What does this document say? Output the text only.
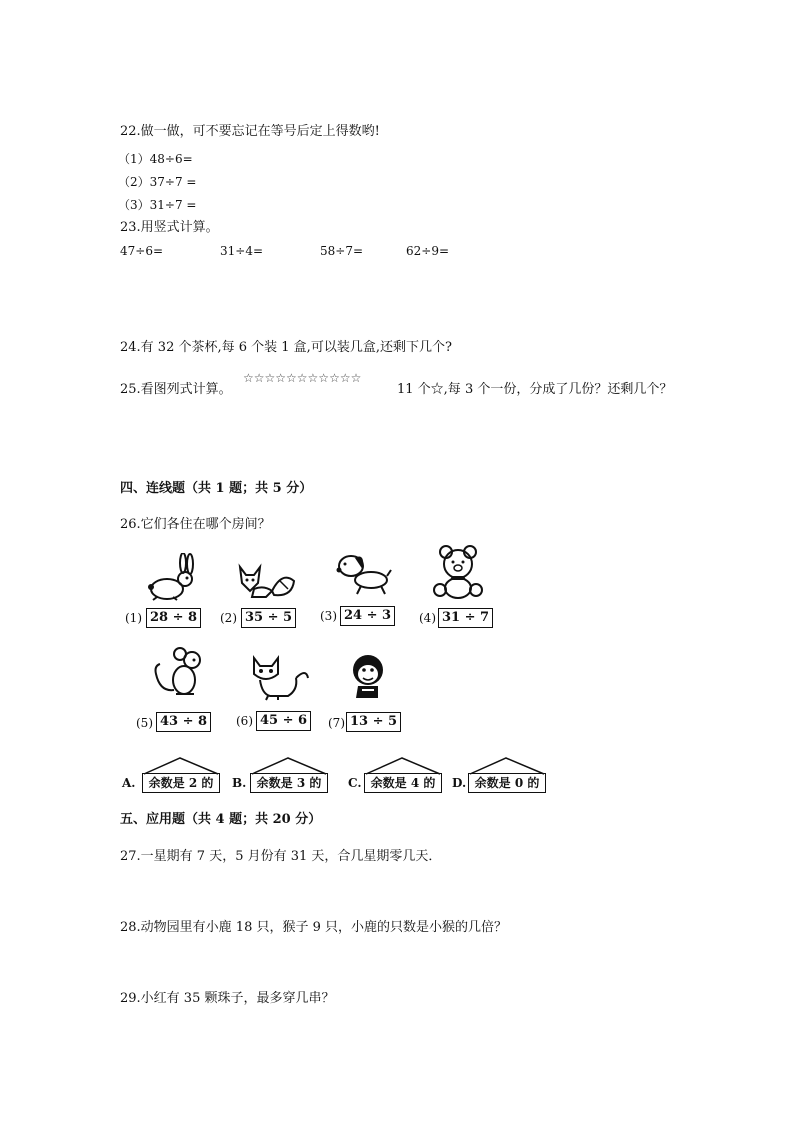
22.做一做，可不要忘记在等号后定上得数哟!
（1）48÷6=
（2）37÷7 =
（3）31÷7 =
23.用竖式计算。
47÷6=	31÷4=	58÷7=	62÷9=
24.有 32 个茶杯,每 6 个装 1 盒,可以装几盒,还剩下几个?
25.看图列式计算。
☆☆☆☆☆☆☆☆☆☆☆
11 个☆,每 3 个一份，分成了几份？还剩几个？
四、连线题（共 1 题；共 5 分）
26.它们各住在哪个房间？
(1) 28 ÷ 8	(2) 35 ÷ 5	(3) 24 ÷ 3	(4) 31 ÷ 7
(5) 43 ÷ 8	(6) 45 ÷ 6	(7) 13 ÷ 5
A.	余数是 2 的	B. 余数是 3 的	C. 余数是 4 的	D. 余数是 0 的
五、应用题（共 4 题；共 20 分）
27.一星期有 7 天，5 月份有 31 天，合几星期零几天．
28.动物园里有小鹿 18 只，猴子 9 只，小鹿的只数是小猴的几倍？
29.小红有 35 颗珠子，最多穿几串？
